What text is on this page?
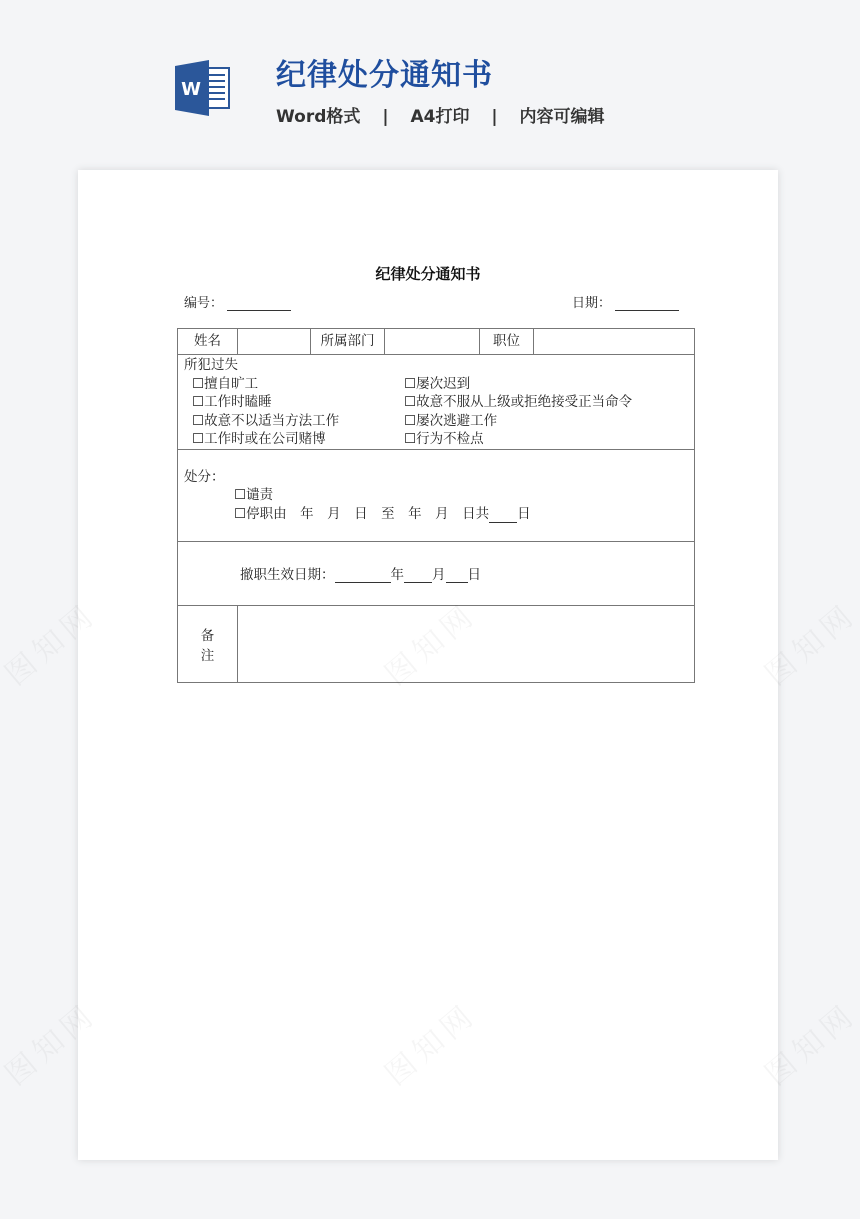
W	纪律处分通知书
Word格式 | A4打印 | 内容可编辑
纪律处分通知书
编号：	日期：
姓名		所属部门		职位	

所犯过失
☐擅自旷工	☐屡次迟到
☐工作时瞌睡	☐故意不服从上级或拒绝接受正当命令
☐故意不以适当方法工作	☐屡次逃避工作
☐工作时或在公司赌博	☐行为不检点

处分：
☐谴责
☐停职由　年　月　日　至　年　月　日共 日					

撤职生效日期： 年 月 日					
备　　注					
